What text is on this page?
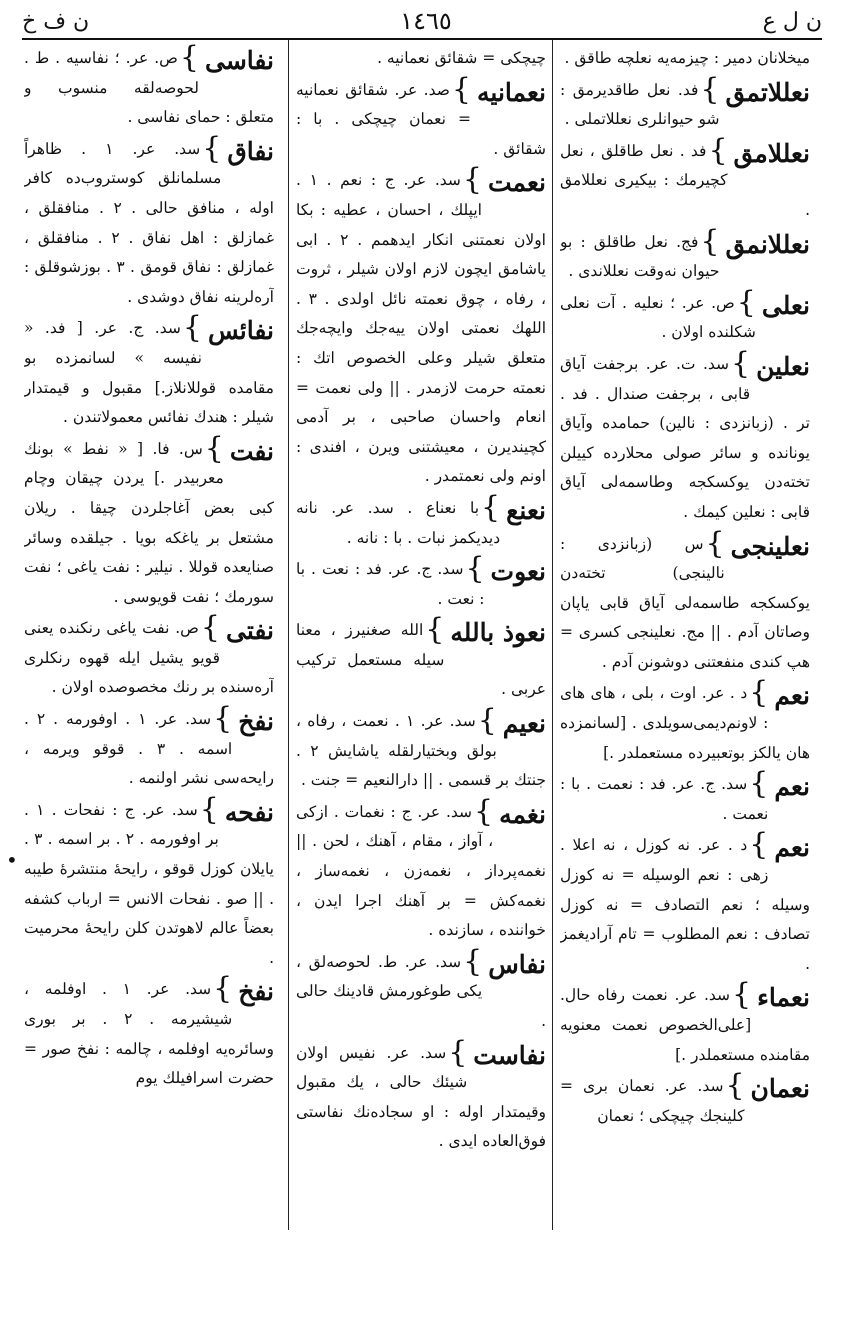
ن ل ع
١٤٦٥
ن ف خ
میخلانان دمیر : چیزمه‌یه نعلچه طاقق .
نعللاتمق
}
فد. نعل طاقدیرمق : شو حیوانلری نعللاتملی .
نعللامق
}
فد . نعل طاقلق ، نعل کچیرمك : بیکیری نعللامق .
نعللانمق
}
فج. نعل طاقلق : بو حیوان نه‌وقت نعللاندی .
نعلی
}
ص. عر. ؛ نعلیه . آت نعلی شکلنده اولان .
نعلین
}
سد. ت. عر. برجفت آیاق قابی ، برجفت صندال . فد . تر . (زبانزدی : نالین) حمامده وآیاق یونانده و سائر صولی محلارده کییلن تخته‌دن یوکسکجه وطاسمه‌لی آیاق قابی : نعلین کیمك .
نعلینجی
}
س (زبانزدی : نالینجی) تخته‌دن یوکسکجه طاسمه‌لی آیاق قابی یاپان وصاتان آدم . || مج. نعلینجی کسری = هپ کندی منفعتنی دوشونن آدم .
نعم
}
د . عر. اوت ، بلی ، های های : لاونم‌دیمی‌سویلدی . [لسانمزده هان یالکز بوتعبیرده مستعملدر .]
نعم
}
سد. ج. عر. فد : نعمت . با : نعمت .
نعم
}
د . عر. نه کوزل ، نه اعلا . زهی : نعم الوسیله = نه کوزل وسیله ؛ نعم التصادف = نه کوزل تصادف : نعم المطلوب = تام آرادیغمز .
نعماء
}
سد. عر. نعمت رفاه حال. [علی‌الخصوص نعمت معنویه مقامنده مستعملدر .]
نعمان
}
سد. عر. نعمان بری = کلینجك چیچکی ؛ نعمان
چیچکی = شقائق نعمانیه .
نعمانیه
}
صد. عر. شقائق نعمانیه = نعمان چیچکی . با : شقائق .
نعمت
}
سد. عر. ج : نعم . ١ . ایپلك ، احسان ، عطیه : بکا اولان نعمتنی انکار ایدهمم . ٢ . ابی یاشامق ایچون لازم اولان شیلر ، ثروت ، رفاه ، چوق نعمته نائل اولدی . ٣ . اللهك نعمتی اولان ییه‌جك وایچه‌جك متعلق شیلر وعلی الخصوص اتك : نعمته حرمت لازمدر . || ولی نعمت = انعام واحسان صاحبی ، بر آدمی کچیندیرن ، معیشتنی ویرن ، افندی : اونم ولی نعمتمدر .
نعنع
}
با نعناع . سد. عر. نانه دیدیکمز نبات . با : نانه .
نعوت
}
سد. ج. عر. فد : نعت . با : نعت .
نعوذ بالله
}
الله صغنیرز ، معنا سیله مستعمل ترکیب عربی .
نعیم
}
سد. عر. ١ . نعمت ، رفاه ، بولق وبختیارلقله یاشایش ٢ . جنتك بر قسمی . || دارالنعیم = جنت .
نغمه
}
سد. عر. ج : نغمات . ازکی ، آواز ، مقام ، آهنك ، لحن . || نغمه‌پرداز ، نغمه‌زن ، نغمه‌ساز ، نغمه‌کش = بر آهنك اجرا ایدن ، خواننده ، سازنده .
نفاس
}
سد. عر. ط. لحوصه‌لق ، یکی طوغورمش قادینك حالی .
نفاست
}
سد. عر. نفیس اولان شیئك حالی ، یك مقبول وقیمتدار اوله : او سجاده‌نك نفاستی فوق‌العاده ایدی .
نفاسی
}
ص. عر. ؛ نفاسیه . ط . لحوصه‌لقه منسوب و متعلق : حمای نفاسی .
نفاق
}
سد. عر. ١ . ظاهراً مسلمانلق کوستروب‌ده کافر اوله ، منافق حالی . ٢ . منافقلق ، غمازلق : اهل نفاق . ٢ . منافقلق ، غمازلق : نفاق قومق . ٣ . بوزشوقلق : آره‌لرینه نفاق دوشدی .
نفائس
}
سد. ج. عر. [ فد. « نفیسه » لسانمزده بو مقامده قوللانلاز.] مقبول و قیمتدار شیلر : هندك نفائس معمولاتندن .
نفت
}
س. فا. [ « نفط » بونك معربیدر .] یردن چیقان وچام کبی بعض آغاجلردن چیقا . ریلان مشتعل بر یاغکه بویا . جیلقده وسائر صنایعده قوللا . نیلیر : نفت یاغی ؛ نفت سورمك ؛ نفت قویوسی .
نفتی
}
ص. نفت یاغی رنکنده یعنی قویو یشیل ایله قهوه رنکلری آره‌سنده بر رنك مخصوصده اولان .
نفخ
}
سد. عر. ١ . اوفورمه . ٢ . اسمه . ٣ . قوقو ویرمه ، رایحه‌سی نشر اولنمه .
نفحه
}
سد. عر. ج : نفحات . ١ . بر اوفورمه . ٢ . بر اسمه . ٣ . یایلان کوزل قوقو ، رایحهٔ منتشرهٔ طیبه . || صو . نفحات الانس = ارباب کشفه بعضاً عالم لاهوتدن کلن رایحهٔ محرمیت .
نفخ
}
سد. عر. ١ . اوفلمه ، شیشیرمه . ٢ . بر بوری وسائره‌یه اوفلمه ، چالمه : نفخ صور = حضرت اسرافیلك یوم
•
